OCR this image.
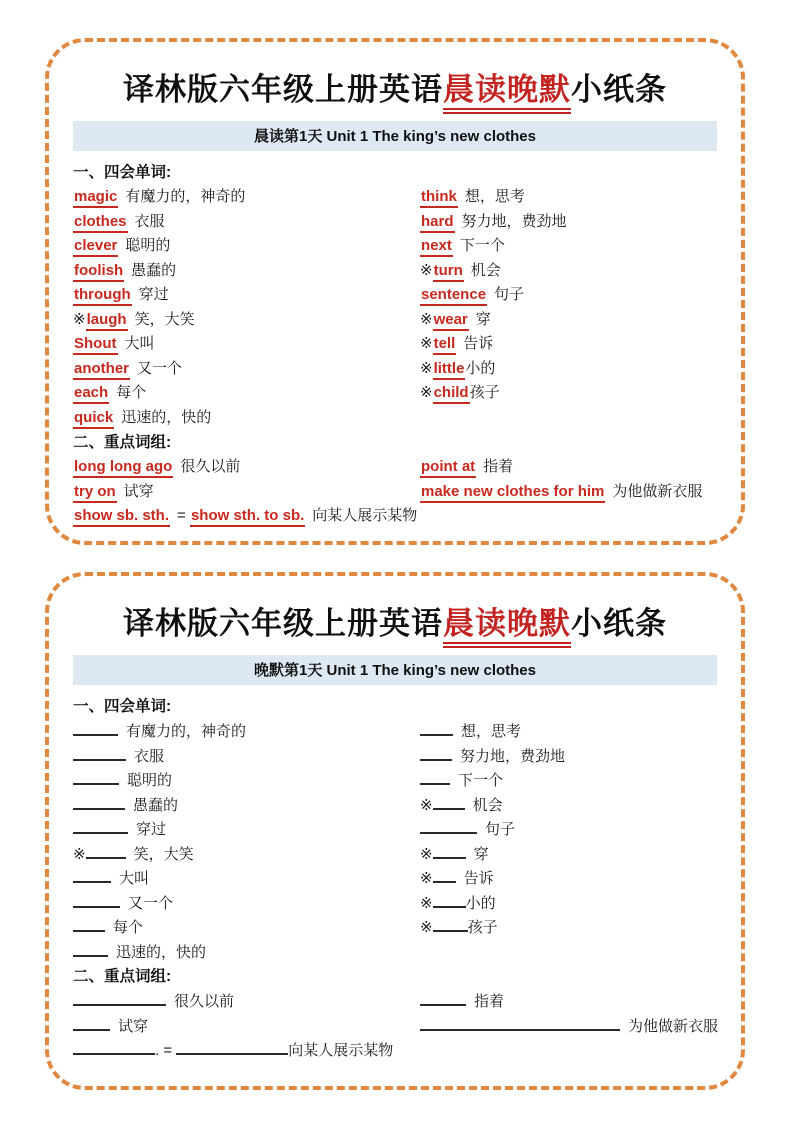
译林版六年级上册英语晨读晚默小纸条
晨读第1天 Unit 1 The king’s new clothes
一、四会单词:
magic 有魔力的，神奇的
clothes 衣服
clever 聪明的
foolish 愚蠢的
through 穿过
※laugh 笑，大笑
Shout 大叫
another 又一个
each 每个
quick 迅速的，快的
think 想，思考
hard 努力地，费劲地
next 下一个
※turn 机会
sentence 句子
※wear 穿
※tell 告诉
※little小的
※child孩子
二、重点词组:
long long ago 很久以前
try on 试穿
point at 指着
make new clothes for him 为他做新衣服
show sb. sth. = show sth. to sb. 向某人展示某物
译林版六年级上册英语晨读晚默小纸条
晚默第1天 Unit 1 The king’s new clothes
一、四会单词:
有魔力的，神奇的
衣服
聪明的
愚蠢的
穿过
※	笑，大笑
大叫
又一个
每个
迅速的，快的
想，思考
努力地，费劲地
下一个
※	机会
句子
※	穿
※ 告诉
※ 小的
※ 孩子
二、重点词组:
很久以前
试穿
指着
为他做新衣服
. =	向某人展示某物
